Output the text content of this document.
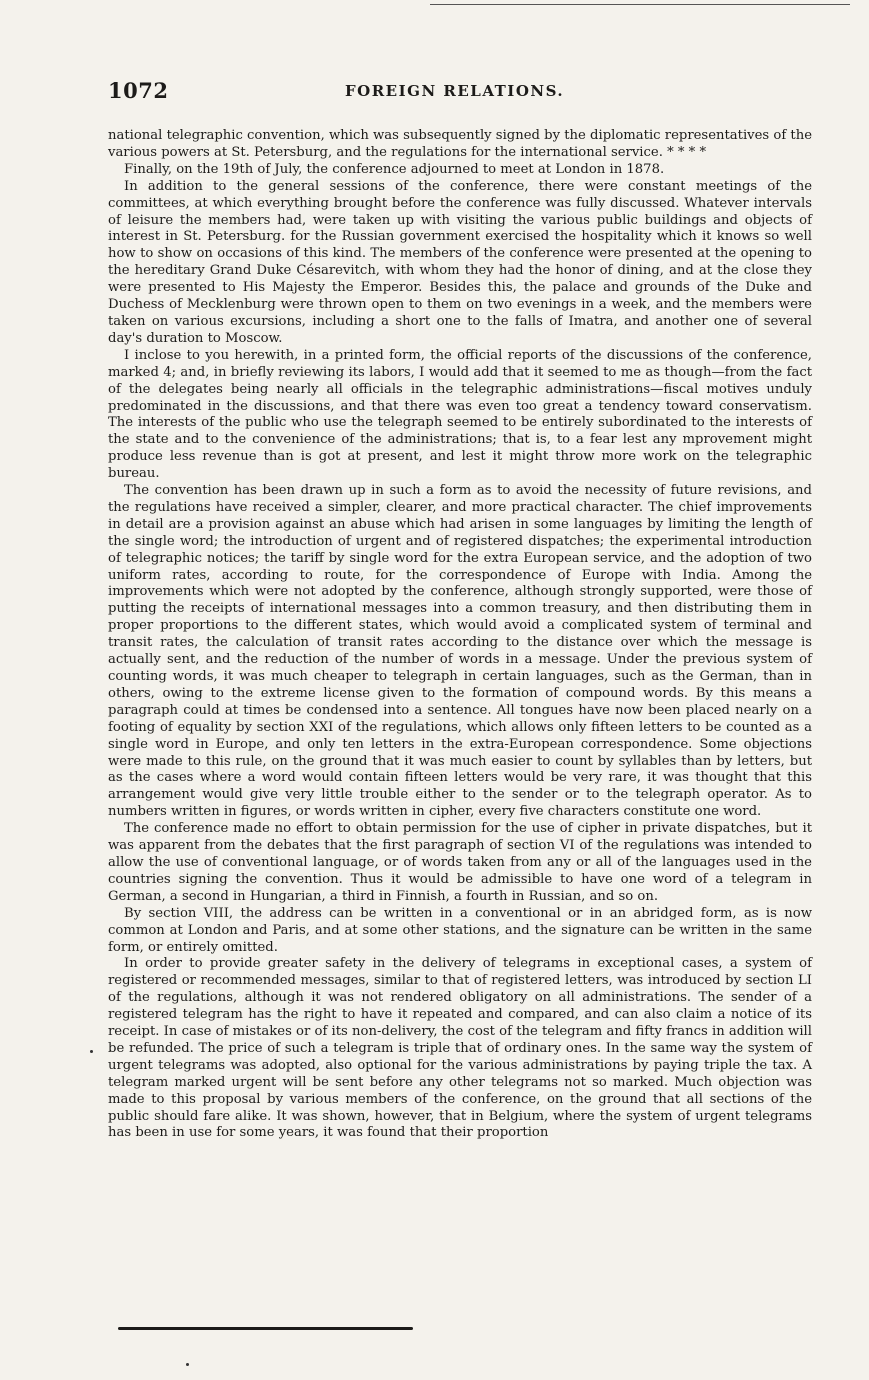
1072	FOREIGN RELATIONS.

national telegraphic convention, which was subsequently signed by the diplomatic representatives of the various powers at St. Petersburg, and the regulations for the international service. * * * *

Finally, on the 19th of July, the conference adjourned to meet at London in 1878.

In addition to the general sessions of the conference, there were constant meetings of the committees, at which everything brought before the conference was fully discussed. Whatever intervals of leisure the members had, were taken up with visiting the various public buildings and objects of interest in St. Petersburg. for the Russian government exercised the hospitality which it knows so well how to show on occasions of this kind. The members of the conference were presented at the opening to the hereditary Grand Duke Césarevitch, with whom they had the honor of dining, and at the close they were presented to His Majesty the Emperor. Besides this, the palace and grounds of the Duke and Duchess of Mecklenburg were thrown open to them on two evenings in a week, and the members were taken on various excursions, including a short one to the falls of Imatra, and another one of several day's duration to Moscow.

I inclose to you herewith, in a printed form, the official reports of the discussions of the conference, marked 4; and, in briefly reviewing its labors, I would add that it seemed to me as though—from the fact of the delegates being nearly all officials in the telegraphic administrations—fiscal motives unduly predominated in the discussions, and that there was even too great a tendency toward conservatism. The interests of the public who use the telegraph seemed to be entirely subordinated to the interests of the state and to the convenience of the administrations; that is, to a fear lest any mprovement might produce less revenue than is got at present, and lest it might throw more work on the telegraphic bureau.

The convention has been drawn up in such a form as to avoid the necessity of future revisions, and the regulations have received a simpler, clearer, and more practical character. The chief improvements in detail are a provision against an abuse which had arisen in some languages by limiting the length of the single word; the introduction of urgent and of registered dispatches; the experimental introduction of telegraphic notices; the tariff by single word for the extra European service, and the adoption of two uniform rates, according to route, for the correspondence of Europe with India. Among the improvements which were not adopted by the conference, although strongly supported, were those of putting the receipts of international messages into a common treasury, and then distributing them in proper proportions to the different states, which would avoid a complicated system of terminal and transit rates, the calculation of transit rates according to the distance over which the message is actually sent, and the reduction of the number of words in a message. Under the previous system of counting words, it was much cheaper to telegraph in certain languages, such as the German, than in others, owing to the extreme license given to the formation of compound words. By this means a paragraph could at times be condensed into a sentence. All tongues have now been placed nearly on a footing of equality by section XXI of the regulations, which allows only fifteen letters to be counted as a single word in Europe, and only ten letters in the extra-European correspondence. Some objections were made to this rule, on the ground that it was much easier to count by syllables than by letters, but as the cases where a word would contain fifteen letters would be very rare, it was thought that this arrangement would give very little trouble either to the sender or to the telegraph operator. As to numbers written in figures, or words written in cipher, every five characters constitute one word.

The conference made no effort to obtain permission for the use of cipher in private dispatches, but it was apparent from the debates that the first paragraph of section VI of the regulations was intended to allow the use of conventional language, or of words taken from any or all of the languages used in the countries signing the convention. Thus it would be admissible to have one word of a telegram in German, a second in Hungarian, a third in Finnish, a fourth in Russian, and so on.

By section VIII, the address can be written in a conventional or in an abridged form, as is now common at London and Paris, and at some other stations, and the signature can be written in the same form, or entirely omitted.

In order to provide greater safety in the delivery of telegrams in exceptional cases, a system of registered or recommended messages, similar to that of registered letters, was introduced by section LI of the regulations, although it was not rendered obligatory on all administrations. The sender of a registered telegram has the right to have it repeated and compared, and can also claim a notice of its receipt. In case of mistakes or of its non-delivery, the cost of the telegram and fifty francs in addition will be refunded. The price of such a telegram is triple that of ordinary ones. In the same way the system of urgent telegrams was adopted, also optional for the various administrations by paying triple the tax. A telegram marked urgent will be sent before any other telegrams not so marked. Much objection was made to this proposal by various members of the conference, on the ground that all sections of the public should fare alike. It was shown, however, that in Belgium, where the system of urgent telegrams has been in use for some years, it was found that their proportion
